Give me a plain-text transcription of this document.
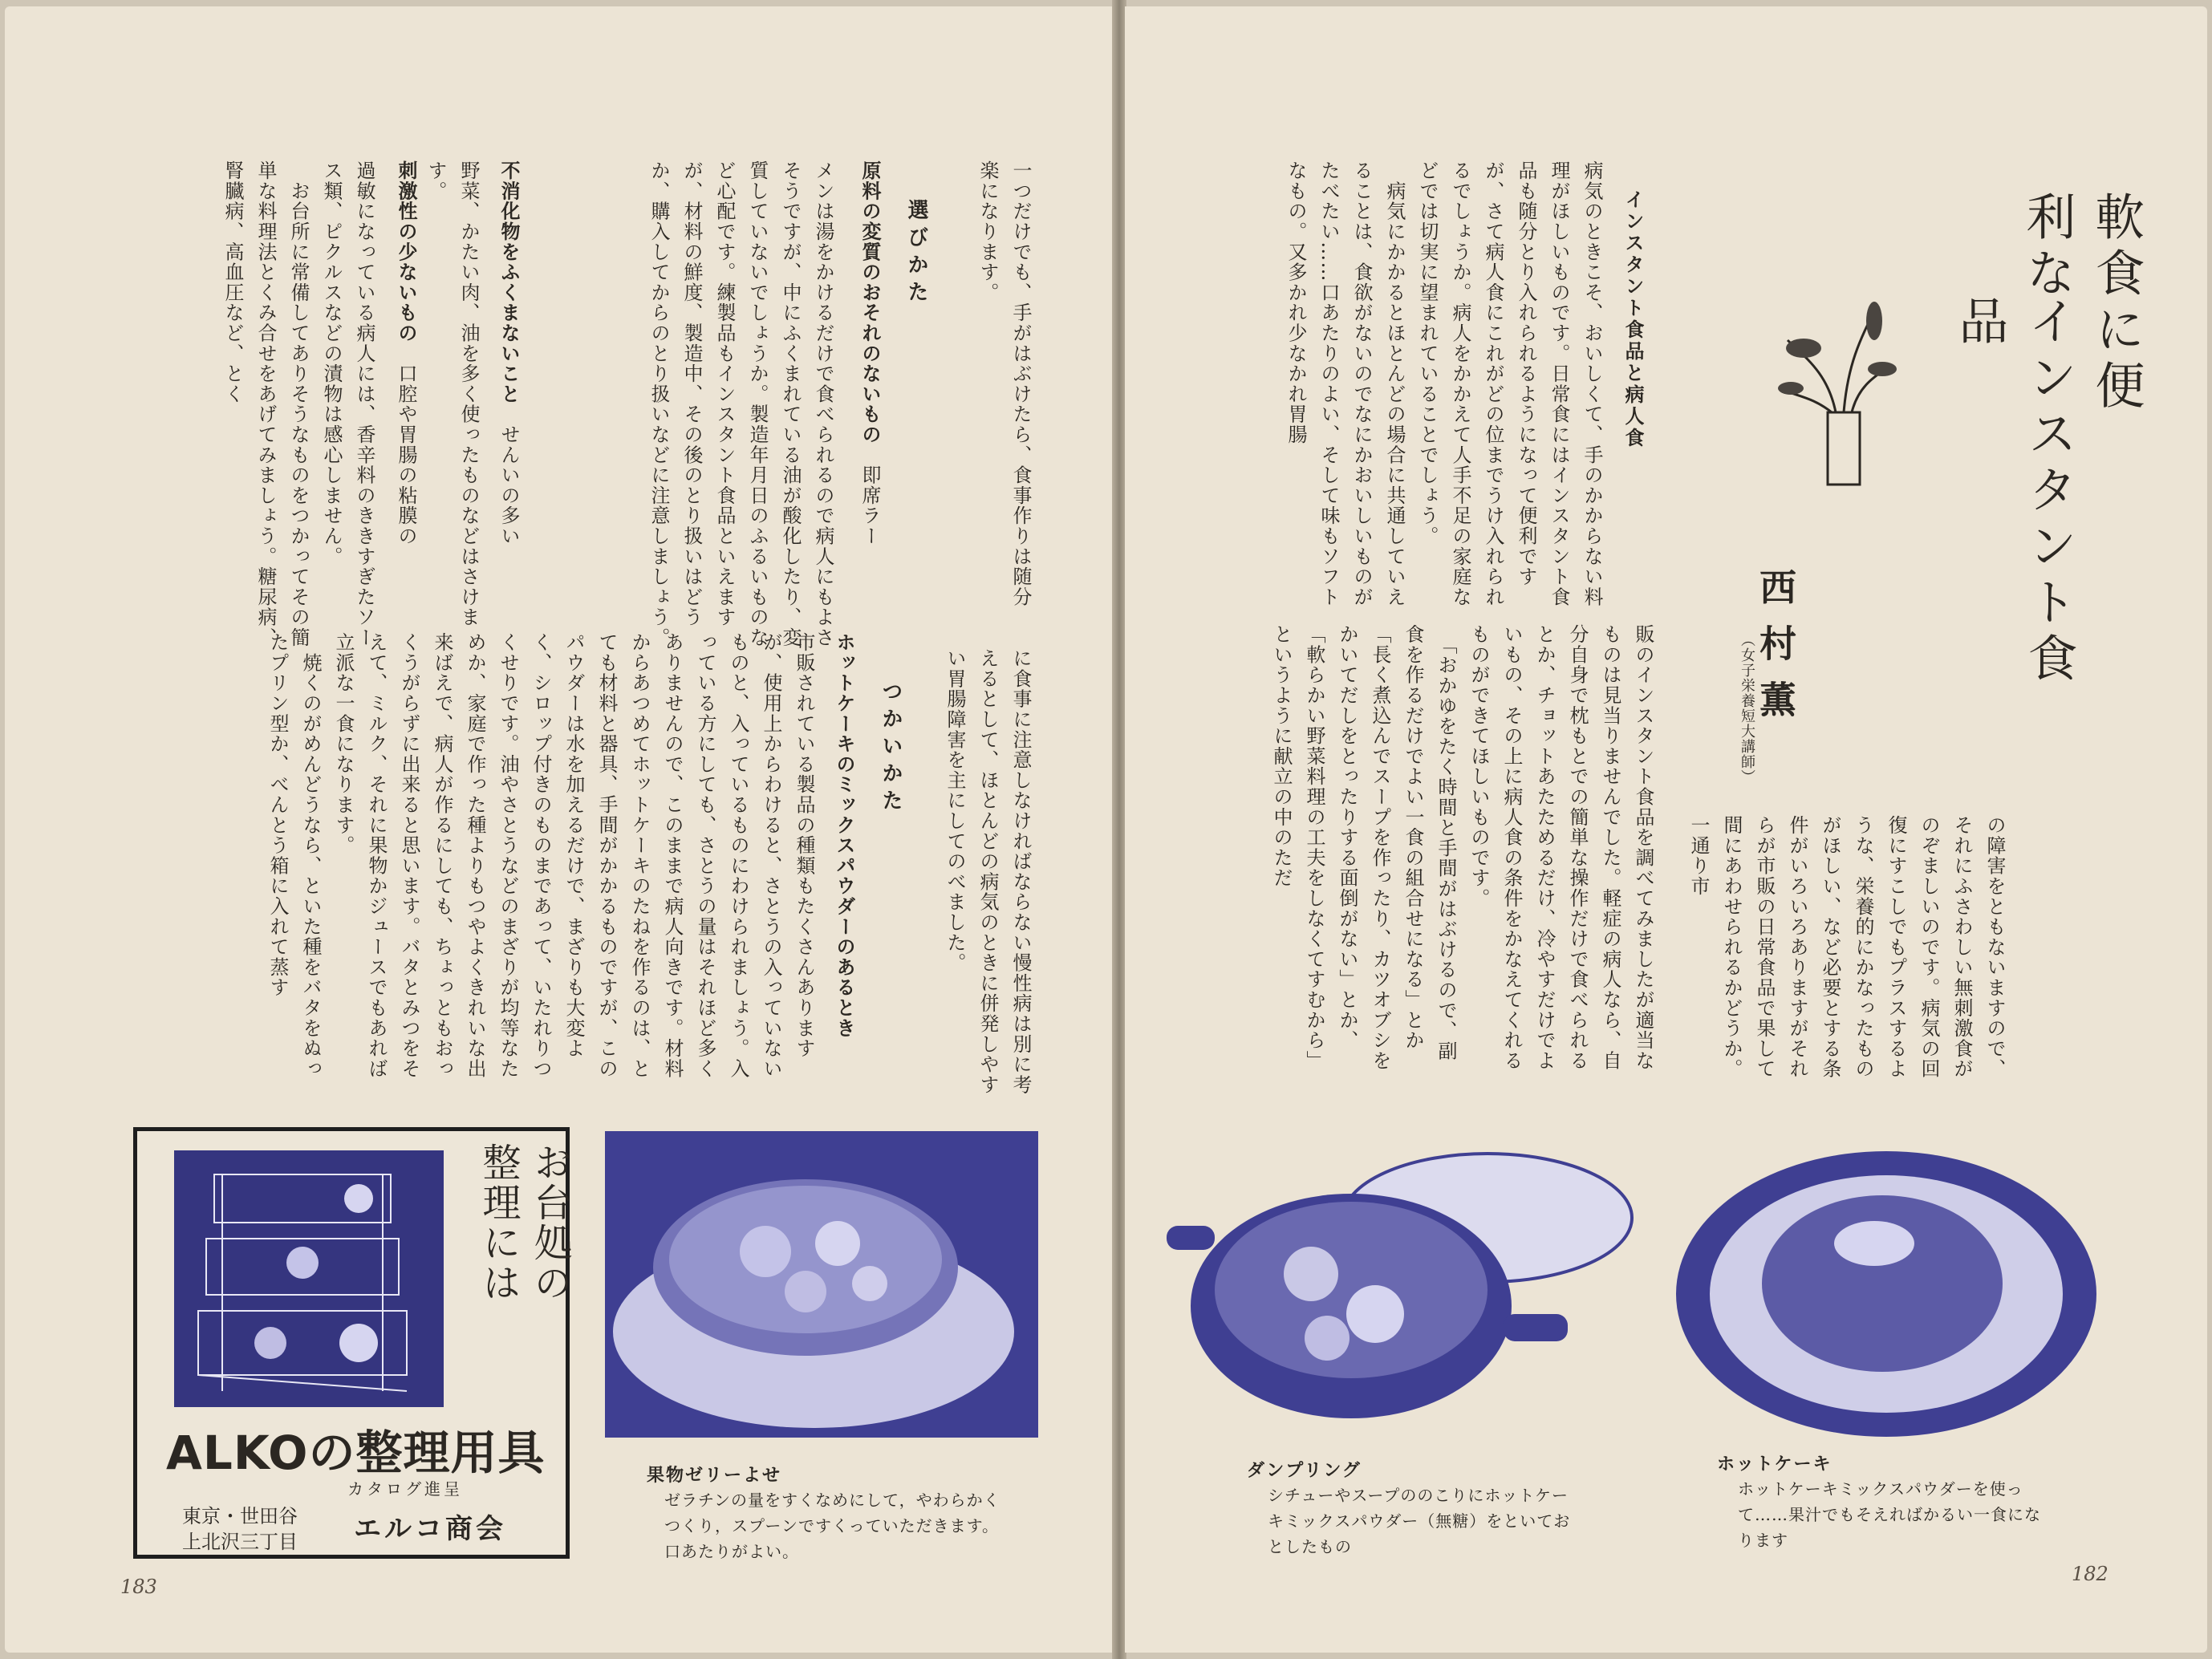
一つだけでも、手がはぶけたら、食事作りは随分楽になります。
選びかた
原料の変質のおそれのないもの　即席ラー
メンは湯をかけるだけで食べられるので病人にもよさそうですが、中にふくまれている油が酸化したり、変質していないでしょうか。製造年月日のふるいものなど心配です。練製品もインスタント食品といえますが、材料の鮮度、製造中、その後のとり扱いはどうか、購入してからのとり扱いなどに注意しましょう。
不消化物をふくまないこと　せんいの多い
野菜、かたい肉、油を多く使ったものなどはさけます。
刺激性の少ないもの　口腔や胃腸の粘膜の
過敏になっている病人には、香辛料のききすぎたソース類、ピクルスなどの漬物は感心しません。
　お台所に常備してありそうなものをつかってその簡単な料理法とくみ合せをあげてみましょう。糖尿病、腎臓病、高血圧など、とく
に食事に注意しなければならない慢性病は別に考えるとして、ほとんどの病気のときに併発しやすい胃腸障害を主にしてのべました。
つかいかた
ホットケーキのミックスパウダーのあるとき
市販されている製品の種類もたくさんありますが、使用上からわけると、さとうの入っていないものと、入っているものにわけられましょう。入っている方にしても、さとうの量はそれほど多くありませんので、このままで病人向きです。材料からあつめてホットケーキのたねを作るのは、とても材料と器具、手間がかかるものですが、このパウダーは水を加えるだけで、まざりも大変よく、シロップ付きのものまであって、いたれりつくせりです。油やさとうなどのまざりが均等なためか、家庭で作った種よりもつやよくきれいな出来ばえで、病人が作るにしても、ちょっともおっくうがらずに出来ると思います。バタとみつをそえて、ミルク、それに果物かジュースでもあれば立派な一食になります。
　焼くのがめんどうなら、といた種をバタをぬったプリン型か、べんとう箱に入れて蒸す
果物ゼリーよせ
ゼラチンの量をすくなめにして，やわらかくつくり，スプーンですくっていただきます。口あたりがよい。
お台処の
整理には
ALKOの整理用具
カタログ進呈
東京・世田谷
上北沢三丁目 エルコ商会
183
軟食に便利な
インスタント食品
西村薫
（女子栄養短大講師）
インスタント食品と病人食
病気のときこそ、おいしくて、手のかからない料理がほしいものです。日常食にはインスタント食品も随分とり入れられるようになって便利ですが、さて病人食にこれがどの位までうけ入れられるでしょうか。病人をかかえて人手不足の家庭などでは切実に望まれていることでしょう。
　病気にかかるとほとんどの場合に共通していえることは、食欲がないのでなにかおいしいものがたべたい……口あたりのよい、そして味もソフトなもの。又多かれ少なかれ胃腸
の障害をともないますので、それにふさわしい無刺激食がのぞましいのです。病気の回復にすこしでもプラスするような、栄養的にかなったものがほしい、など必要とする条件がいろいろありますがそれらが市販の日常食品で果して間にあわせられるかどうか。一通り市
販のインスタント食品を調べてみましたが適当なものは見当りませんでした。軽症の病人なら、自分自身で枕もとでの簡単な操作だけで食べられるとか、チョットあたためるだけ、冷やすだけでよいもの、その上に病人食の条件をかなえてくれるものができてほしいものです。
　「おかゆをたく時間と手間がはぶけるので、副食を作るだけでよい一食の組合せになる」とか「長く煮込んでスープを作ったり、カツオブシをかいてだしをとったりする面倒がない」とか、「軟らかい野菜料理の工夫をしなくてすむから」というように献立の中のただ
ダンプリング
シチューやスープののこりにホットケーキミックスパウダー（無糖）をといておとしたもの
ホットケーキ
ホットケーキミックスパウダーを使って……果汁でもそえればかるい一食になります
182
